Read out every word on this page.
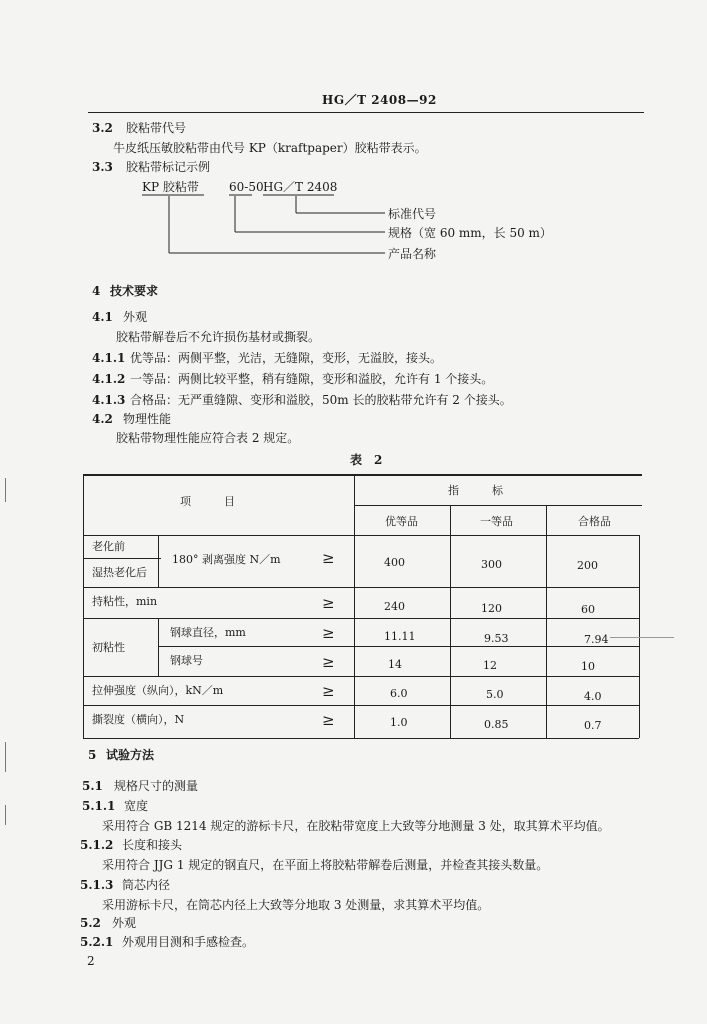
HG／T 2408—92
3.2 胶粘带代号
牛皮纸压敏胶粘带由代号 KP（kraftpaper）胶粘带表示。
3.3 胶粘带标记示例
KP 胶粘带	60-50 HG／T 2408
标准代号
规格（宽 60 mm，长 50 m）
产品名称
4 技术要求
4.1 外观
胶粘带解卷后不允许损伤基材或撕裂。
4.1.1 优等品：两侧平整，光洁，无缝隙，变形，无溢胶，接头。
4.1.2 一等品：两侧比较平整，稍有缝隙，变形和溢胶，允许有 1 个接头。
4.1.3 合格品：无严重缝隙、变形和溢胶，50m 长的胶粘带允许有 2 个接头。
4.2 物理性能
胶粘带物理性能应符合表 2 规定。
表　2
项　　　目
指　　　标
优等品	一等品	合格品
老化前
湿热老化后
180° 剥离强度 N／m	≥	400	300	200
持粘性，min	≥	240	120	60
初粘性
钢球直径，mm	≥	11.11	9.53	7.94
钢球号	≥	14	12	10
拉伸强度（纵向），kN／m	≥	6.0	5.0	4.0
撕裂度（横向），N	≥	1.0	0.85	0.7
5 试验方法
5.1 规格尺寸的测量
5.1.1 宽度
采用符合 GB 1214 规定的游标卡尺，在胶粘带宽度上大致等分地测量 3 处，取其算术平均值。
5.1.2 长度和接头
采用符合 JJG 1 规定的钢直尺，在平面上将胶粘带解卷后测量，并检查其接头数量。
5.1.3 筒芯内径
采用游标卡尺，在筒芯内径上大致等分地取 3 处测量，求其算术平均值。
5.2 外观
5.2.1 外观用目测和手感检查。
2
